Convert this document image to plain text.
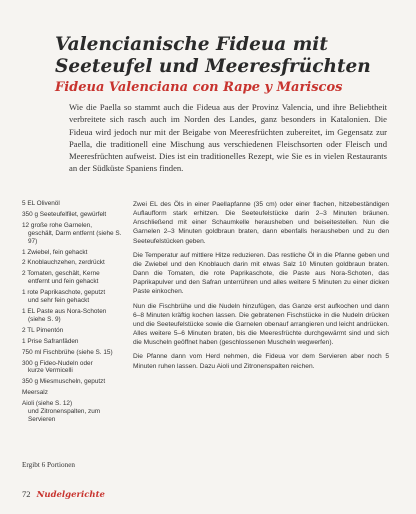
Valencianische Fideua mit Seeteufel und Meeresfrüchten
Fideua Valenciana con Rape y Mariscos

Wie die Paella so stammt auch die Fideua aus der Provinz Valencia, und ihre Beliebtheit verbreitete sich rasch auch im Norden des Landes, ganz besonders in Katalonien. Die Fideua wird jedoch nur mit der Beigabe von Meeresfrüchten zubereitet, im Gegensatz zur Paella, die traditionell eine Mischung aus verschiedenen Fleischsorten oder Fleisch und Meeresfrüchten aufweist. Dies ist ein traditionelles Rezept, wie Sie es in vielen Restaurants an der Südküste Spaniens finden.

5 EL Olivenöl
350 g Seeteufelfilet, gewürfelt
12 große rohe Garnelen,
geschält, Darm entfernt (siehe S. 97)
1 Zwiebel, fein gehackt
2 Knoblauchzehen, zerdrückt
2 Tomaten, geschält, Kerne
entfernt und fein gehackt
1 rote Paprikaschote, geputzt
und sehr fein gehackt
1 EL Paste aus Nora-Schoten
(siehe S. 9)
2 TL Pimentón
1 Prise Safranfäden
750 ml Fischbrühe (siehe S. 15)
300 g Fideo-Nudeln oder
kurze Vermicelli
350 g Miesmuscheln, geputzt
Meersalz
Aioli (siehe S. 12)
und Zitronenspalten, zum Servieren
Ergibt 6 Portionen

Zwei EL des Öls in einer Paellapfanne (35 cm) oder einer flachen, hitzebeständigen Auflaufform stark erhitzen. Die Seeteufelstücke darin 2–3 Minuten bräunen. Anschließend mit einer Schaumkelle herausheben und beiseitestellen. Nun die Garnelen 2–3 Minuten goldbraun braten, dann ebenfalls herausheben und zu den Seeteufelstücken geben.

Die Temperatur auf mittlere Hitze reduzieren. Das restliche Öl in die Pfanne geben und die Zwiebel und den Knoblauch darin mit etwas Salz 10 Minuten goldbraun braten. Dann die Tomaten, die rote Paprikaschote, die Paste aus Nora-Schoten, das Paprikapulver und den Safran unterrühren und alles weitere 5 Minuten zu einer dicken Paste einkochen.

Nun die Fischbrühe und die Nudeln hinzufügen, das Ganze erst aufkochen und dann 6–8 Minuten kräftig kochen lassen. Die gebratenen Fischstücke in die Nudeln drücken und die Seeteufelstücke sowie die Garnelen obenauf arrangieren und leicht andrücken. Alles weitere 5–6 Minuten braten, bis die Meeresfrüchte durchgewärmt sind und sich die Muscheln geöffnet haben (geschlossenen Muscheln wegwerfen).

Die Pfanne dann vom Herd nehmen, die Fideua vor dem Servieren aber noch 5 Minuten ruhen lassen. Dazu Aioli und Zitronenspalten reichen.

72 Nudelgerichte
